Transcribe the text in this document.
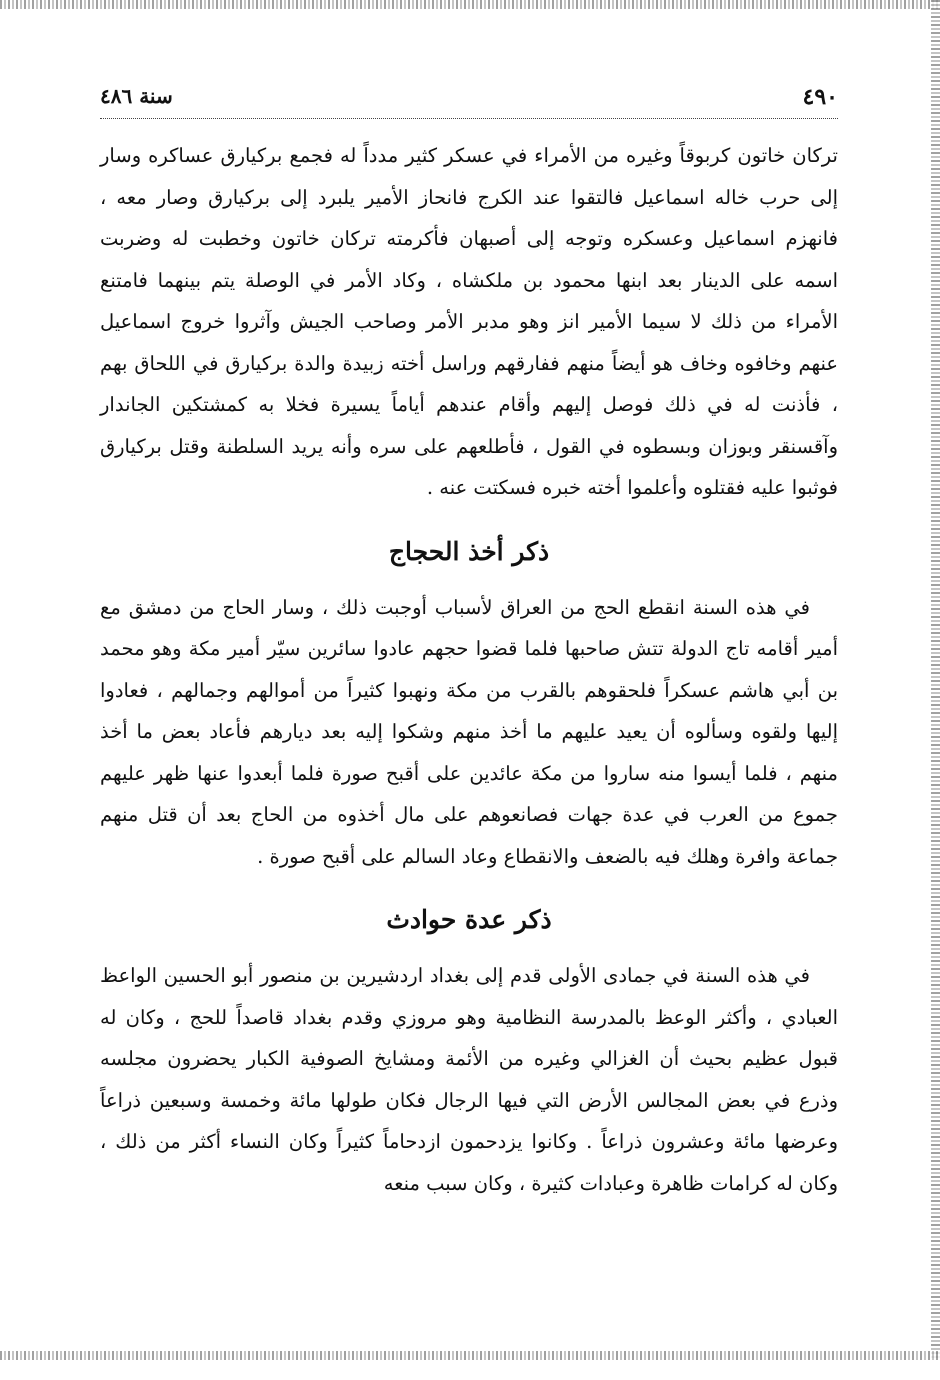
٤٩٠
سنة ٤٨٦

تركان خاتون كربوقاً وغيره من الأمراء في عسكر كثير مدداً له فجمع بركيارق عساكره وسار إلى حرب خاله اسماعيل فالتقوا عند الكرج فانحاز الأمير يلبرد إلى بركيارق وصار معه ، فانهزم اسماعيل وعسكره وتوجه إلى أصبهان فأكرمته تركان خاتون وخطبت له وضربت اسمه على الدينار بعد ابنها محمود بن ملكشاه ، وكاد الأمر في الوصلة يتم بينهما فامتنع الأمراء من ذلك لا سيما الأمير انز وهو مدبر الأمر وصاحب الجيش وآثروا خروج اسماعيل عنهم وخافوه وخاف هو أيضاً منهم ففارقهم وراسل أخته زبيدة والدة بركيارق في اللحاق بهم ، فأذنت له في ذلك فوصل إليهم وأقام عندهم أياماً يسيرة فخلا به كمشتكين الجاندار وآقسنقر وبوزان وبسطوه في القول ، فأطلعهم على سره وأنه يريد السلطنة وقتل بركيارق فوثبوا عليه فقتلوه وأعلموا أخته خبره فسكتت عنه .

ذكر أخذ الحجاج

في هذه السنة انقطع الحج من العراق لأسباب أوجبت ذلك ، وسار الحاج من دمشق مع أمير أقامه تاج الدولة تتش صاحبها فلما قضوا حجهم عادوا سائرين سيّر أمير مكة وهو محمد بن أبي هاشم عسكراً فلحقوهم بالقرب من مكة ونهبوا كثيراً من أموالهم وجمالهم ، فعادوا إليها ولقوه وسألوه أن يعيد عليهم ما أخذ منهم وشكوا إليه بعد ديارهم فأعاد بعض ما أخذ منهم ، فلما أيسوا منه ساروا من مكة عائدين على أقبح صورة فلما أبعدوا عنها ظهر عليهم جموع من العرب في عدة جهات فصانعوهم على مال أخذوه من الحاج بعد أن قتل منهم جماعة وافرة وهلك فيه بالضعف والانقطاع وعاد السالم على أقبح صورة .

ذكر عدة حوادث

في هذه السنة في جمادى الأولى قدم إلى بغداد اردشيرين بن منصور أبو الحسين الواعظ العبادي ، وأكثر الوعظ بالمدرسة النظامية وهو مروزي وقدم بغداد قاصداً للحج ، وكان له قبول عظيم بحيث أن الغزالي وغيره من الأئمة ومشايخ الصوفية الكبار يحضرون مجلسه وذرع في بعض المجالس الأرض التي فيها الرجال فكان طولها مائة وخمسة وسبعين ذراعاً وعرضها مائة وعشرون ذراعاً . وكانوا يزدحمون ازدحاماً كثيراً وكان النساء أكثر من ذلك ، وكان له كرامات ظاهرة وعبادات كثيرة ، وكان سبب منعه
